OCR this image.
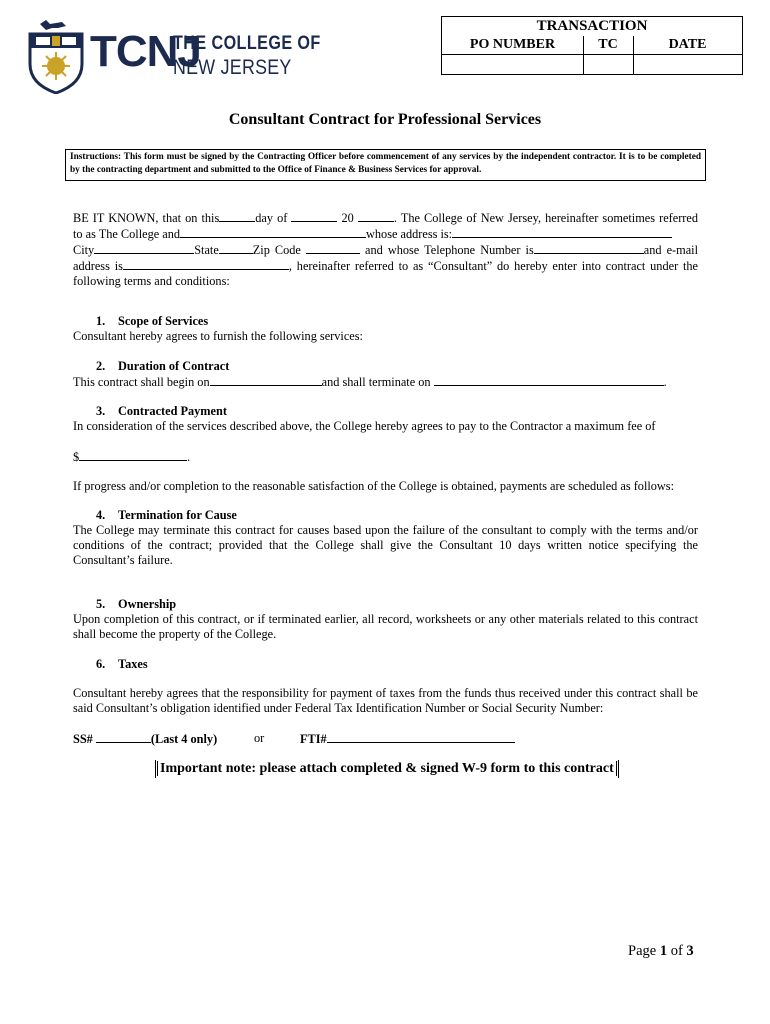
TCNJ
THE COLLEGE OF
NEW JERSEY
TRANSACTION
PO NUMBER	TC	DATE
Consultant Contract for Professional Services
Instructions: This form must be signed by the Contracting Officer before commencement of any services by the independent contractor. It is to be completed by the contracting department and submitted to the Office of Finance & Business Services for approval.
BE IT KNOWN, that on this	day of	20	. The College of New Jersey, hereinafter sometimes referred
to as The College and	whose address is:
City	State	Zip Code	and whose Telephone Number is	and e-mail
address is	, hereinafter referred to as “Consultant” do hereby enter into contract under the
following terms and conditions:
1. Scope of Services
Consultant hereby agrees to furnish the following services:
2. Duration of Contract
This contract shall begin on	and shall terminate on	.
3. Contracted Payment
In consideration of the services described above, the College hereby agrees to pay to the Contractor a maximum fee of
$	.
If progress and/or completion to the reasonable satisfaction of the College is obtained, payments are scheduled as follows:
4. Termination for Cause
The College may terminate this contract for causes based upon the failure of the consultant to comply with the terms and/or conditions of the contract; provided that the College shall give the Consultant 10 days written notice specifying the Consultant’s failure.
5. Ownership
Upon completion of this contract, or if terminated earlier, all record, worksheets or any other materials related to this contract shall become the property of the College.
6. Taxes
Consultant hereby agrees that the responsibility for payment of taxes from the funds thus received under this contract shall be said Consultant’s obligation identified under Federal Tax Identification Number or Social Security Number:
SS#	(Last 4 only)	or	FTI#
Important note: please attach completed & signed W-9 form to this contract
Page 1 of 3
